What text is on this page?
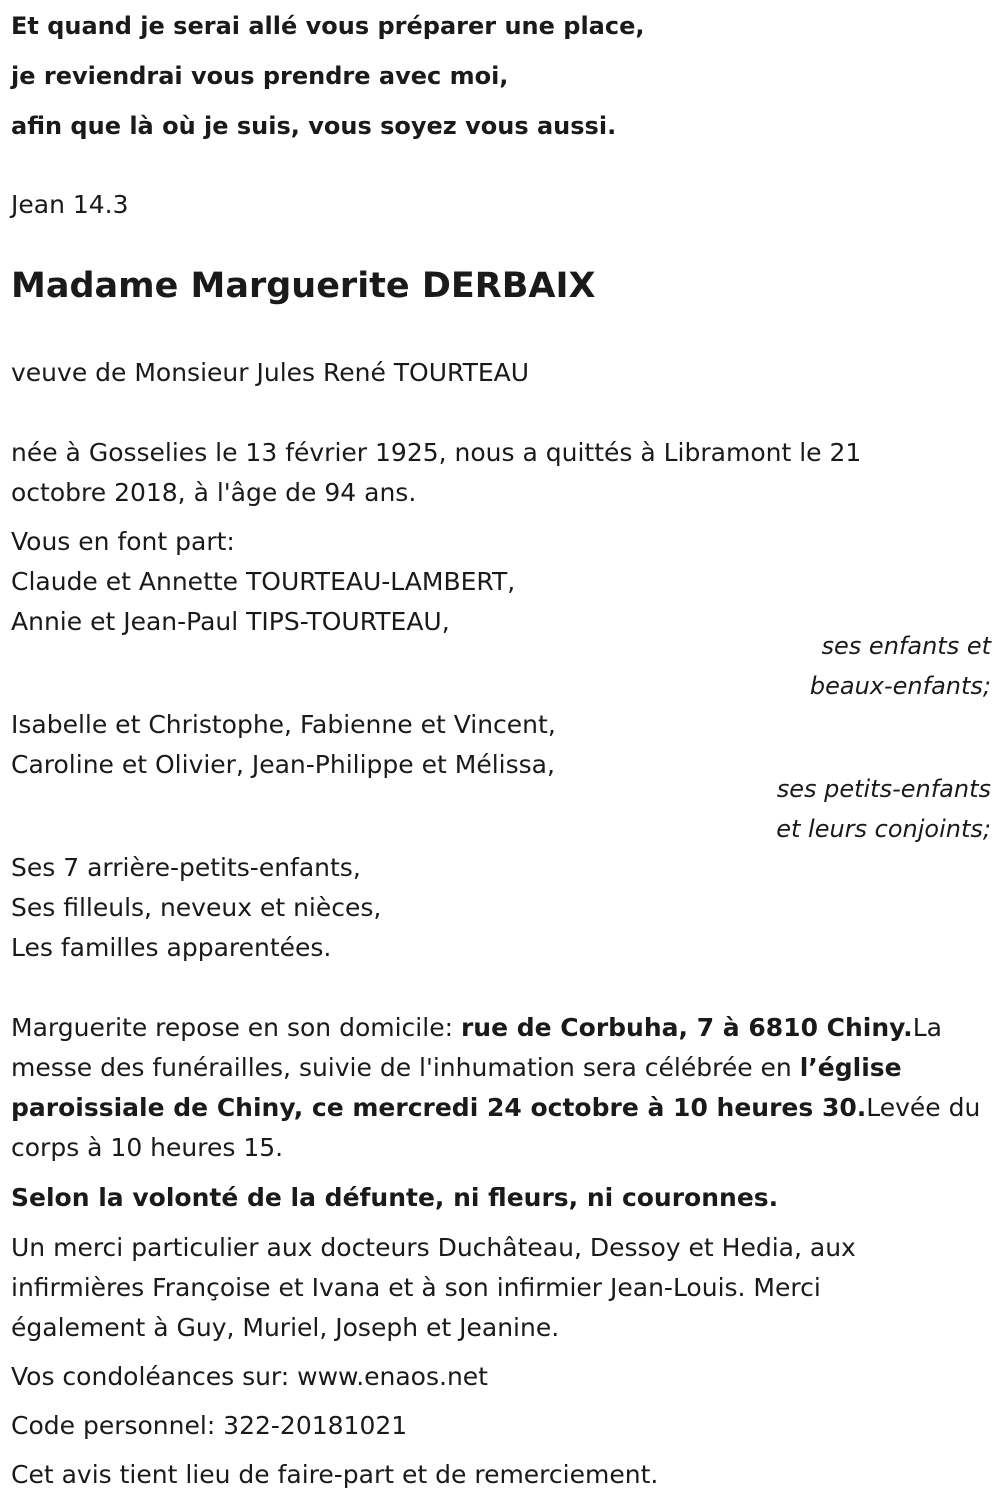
Et quand je serai allé vous préparer une place,
je reviendrai vous prendre avec moi,
afin que là où je suis, vous soyez vous aussi.
Jean 14.3
Madame Marguerite DERBAIX
veuve de Monsieur Jules René TOURTEAU
née à Gosselies le 13 février 1925, nous a quittés à Libramont le 21
octobre 2018, à l'âge de 94 ans.
Vous en font part:
Claude et Annette TOURTEAU-LAMBERT,
Annie et Jean-Paul TIPS-TOURTEAU,
ses enfants et
beaux-enfants;
Isabelle et Christophe, Fabienne et Vincent,
Caroline et Olivier, Jean-Philippe et Mélissa,
ses petits-enfants
et leurs conjoints;
Ses 7 arrière-petits-enfants,
Ses filleuls, neveux et nièces,
Les familles apparentées.
Marguerite repose en son domicile: rue de Corbuha, 7 à 6810 Chiny.La
messe des funérailles, suivie de l'inhumation sera célébrée en l’église
paroissiale de Chiny, ce mercredi 24 octobre à 10 heures 30.Levée du
corps à 10 heures 15.
Selon la volonté de la défunte, ni fleurs, ni couronnes.
Un merci particulier aux docteurs Duchâteau, Dessoy et Hedia, aux
infirmières Françoise et Ivana et à son infirmier Jean-Louis. Merci
également à Guy, Muriel, Joseph et Jeanine.
Vos condoléances sur: www.enaos.net
Code personnel: 322-20181021
Cet avis tient lieu de faire-part et de remerciement.
